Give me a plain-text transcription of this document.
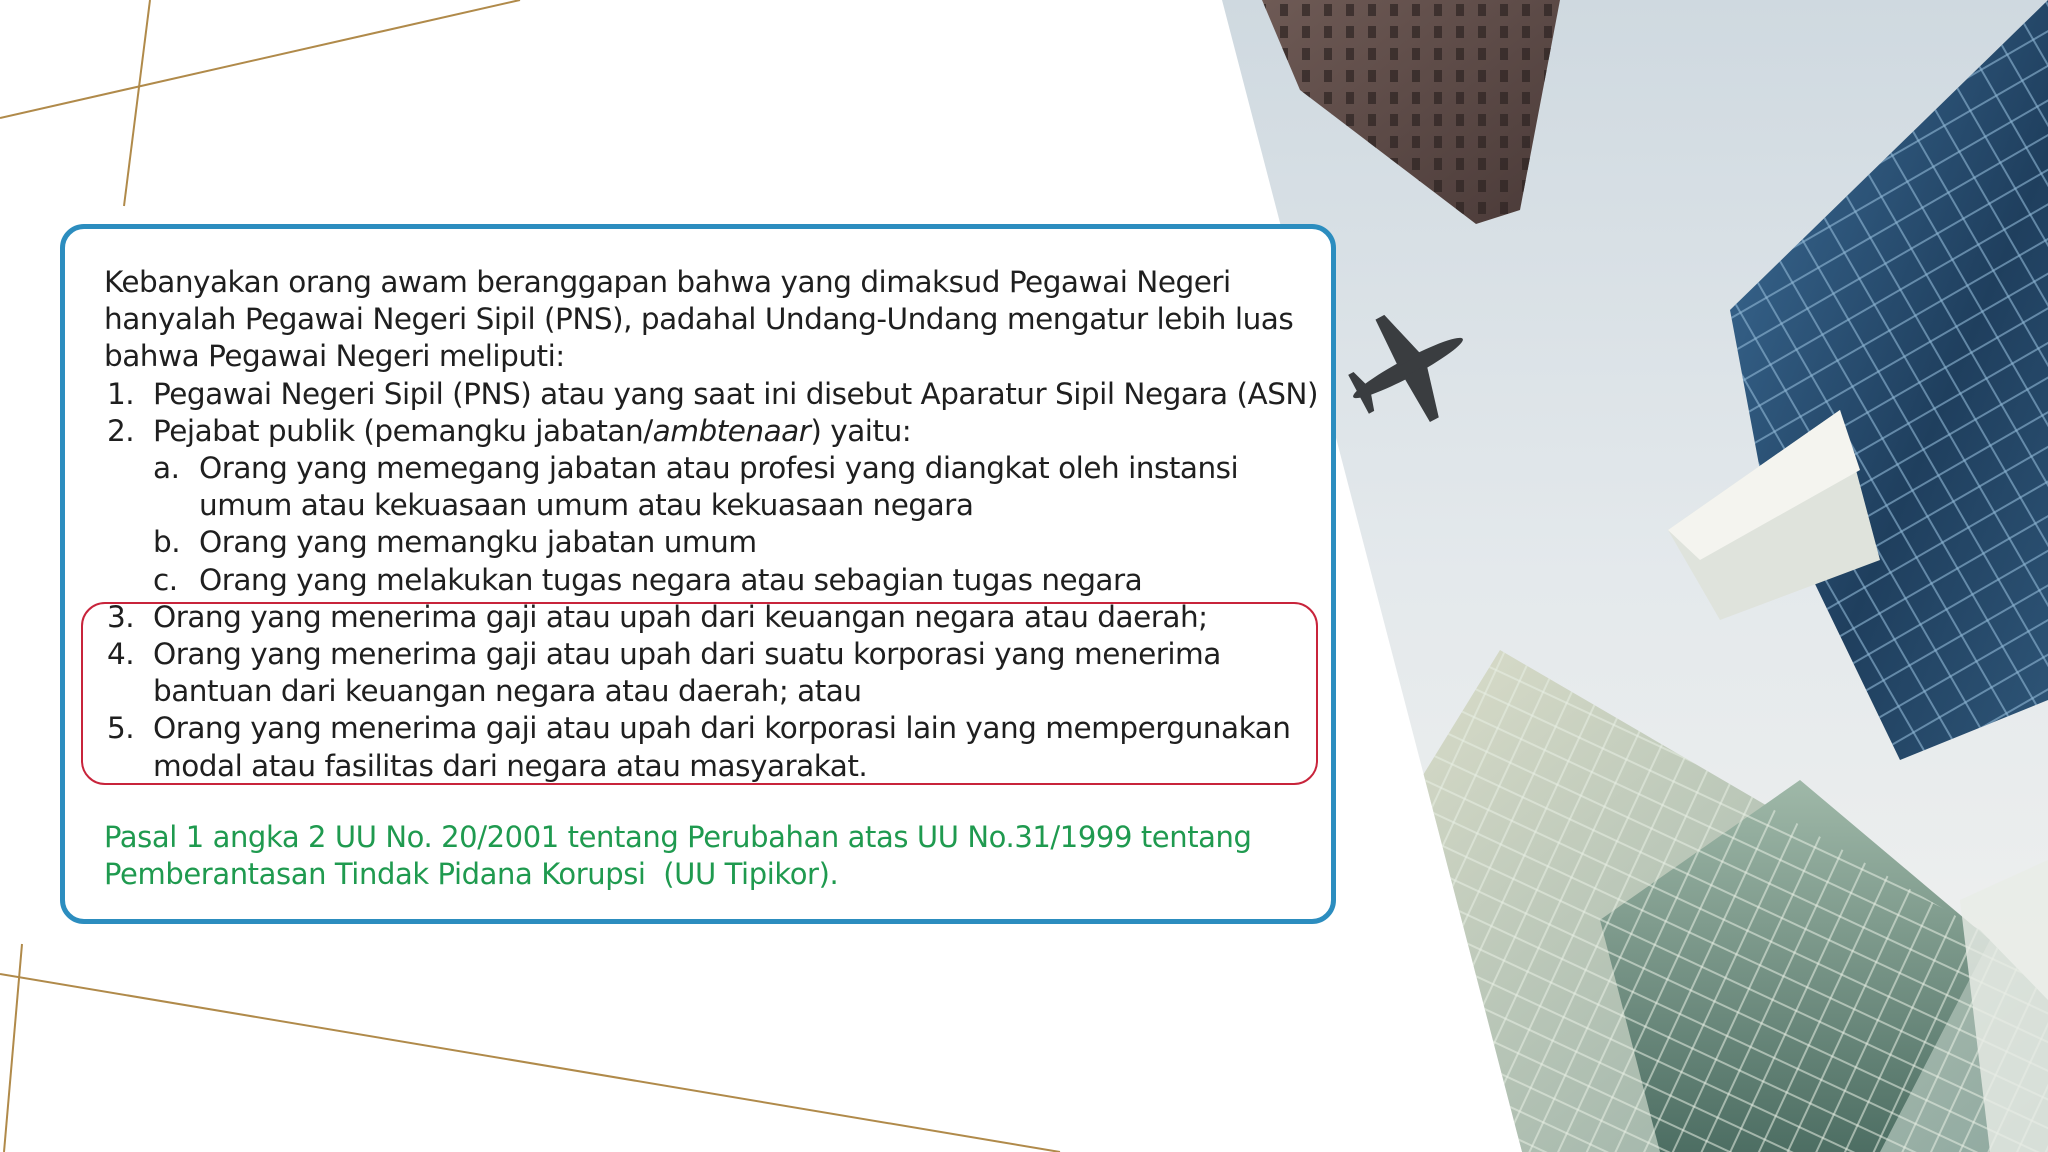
Kebanyakan orang awam beranggapan bahwa yang dimaksud Pegawai Negeri
hanyalah Pegawai Negeri Sipil (PNS), padahal Undang-Undang mengatur lebih luas
bahwa Pegawai Negeri meliputi:
1. Pegawai Negeri Sipil (PNS) atau yang saat ini disebut Aparatur Sipil Negara (ASN)
2. Pejabat publik (pemangku jabatan/ambtenaar) yaitu:
a. Orang yang memegang jabatan atau profesi yang diangkat oleh instansi
umum atau kekuasaan umum atau kekuasaan negara
b. Orang yang memangku jabatan umum
c. Orang yang melakukan tugas negara atau sebagian tugas negara
3. Orang yang menerima gaji atau upah dari keuangan negara atau daerah;
4. Orang yang menerima gaji atau upah dari suatu korporasi yang menerima
bantuan dari keuangan negara atau daerah; atau
5. Orang yang menerima gaji atau upah dari korporasi lain yang mempergunakan
modal atau fasilitas dari negara atau masyarakat.
Pasal 1 angka 2 UU No. 20/2001 tentang Perubahan atas UU No.31/1999 tentang
Pemberantasan Tindak Pidana Korupsi  (UU Tipikor).
